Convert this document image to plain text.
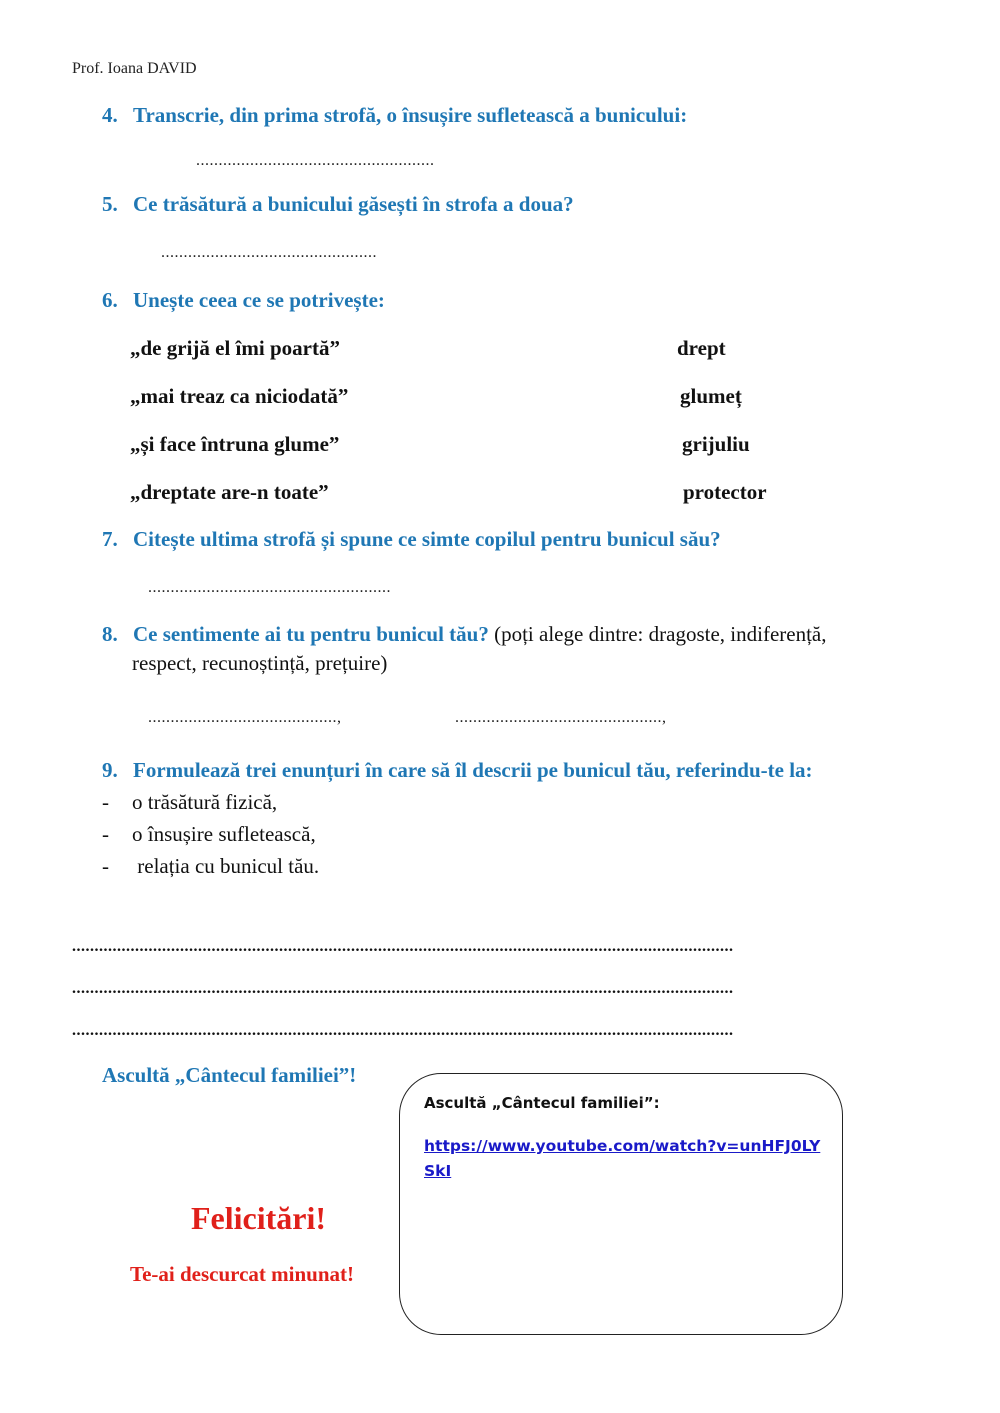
Prof. Ioana DAVID
4. Transcrie, din prima strofă, o însușire sufletească a bunicului:
.....................................................
5. Ce trăsătură a bunicului găsești în strofa a doua?
................................................
6. Unește ceea ce se potrivește:
„de grijă el îmi poartă”
„mai treaz ca niciodată”
„și face întruna glume”
„dreptate are-n toate”
drept
glumeț
grijuliu
protector
7. Citește ultima strofă și spune ce simte copilul pentru bunicul său?
......................................................
8. Ce sentimente ai tu pentru bunicul tău? (poți alege dintre: dragoste, indiferență,
respect, recunoștință, prețuire)
..........................................,	..............................................,
9. Formulează trei enunțuri în care să îl descrii pe bunicul tău, referindu-te la:
- o trăsătură fizică,
- o însușire sufletească,
- relația cu bunicul tău.
...................................................................................................................................................
...................................................................................................................................................
...................................................................................................................................................
Ascultă „Cântecul familiei”!
Felicitări!
Te-ai descurcat minunat!
Ascultă „Cântecul familiei”:
https://www.youtube.com/watch?v=unHFJ0LYSkI
